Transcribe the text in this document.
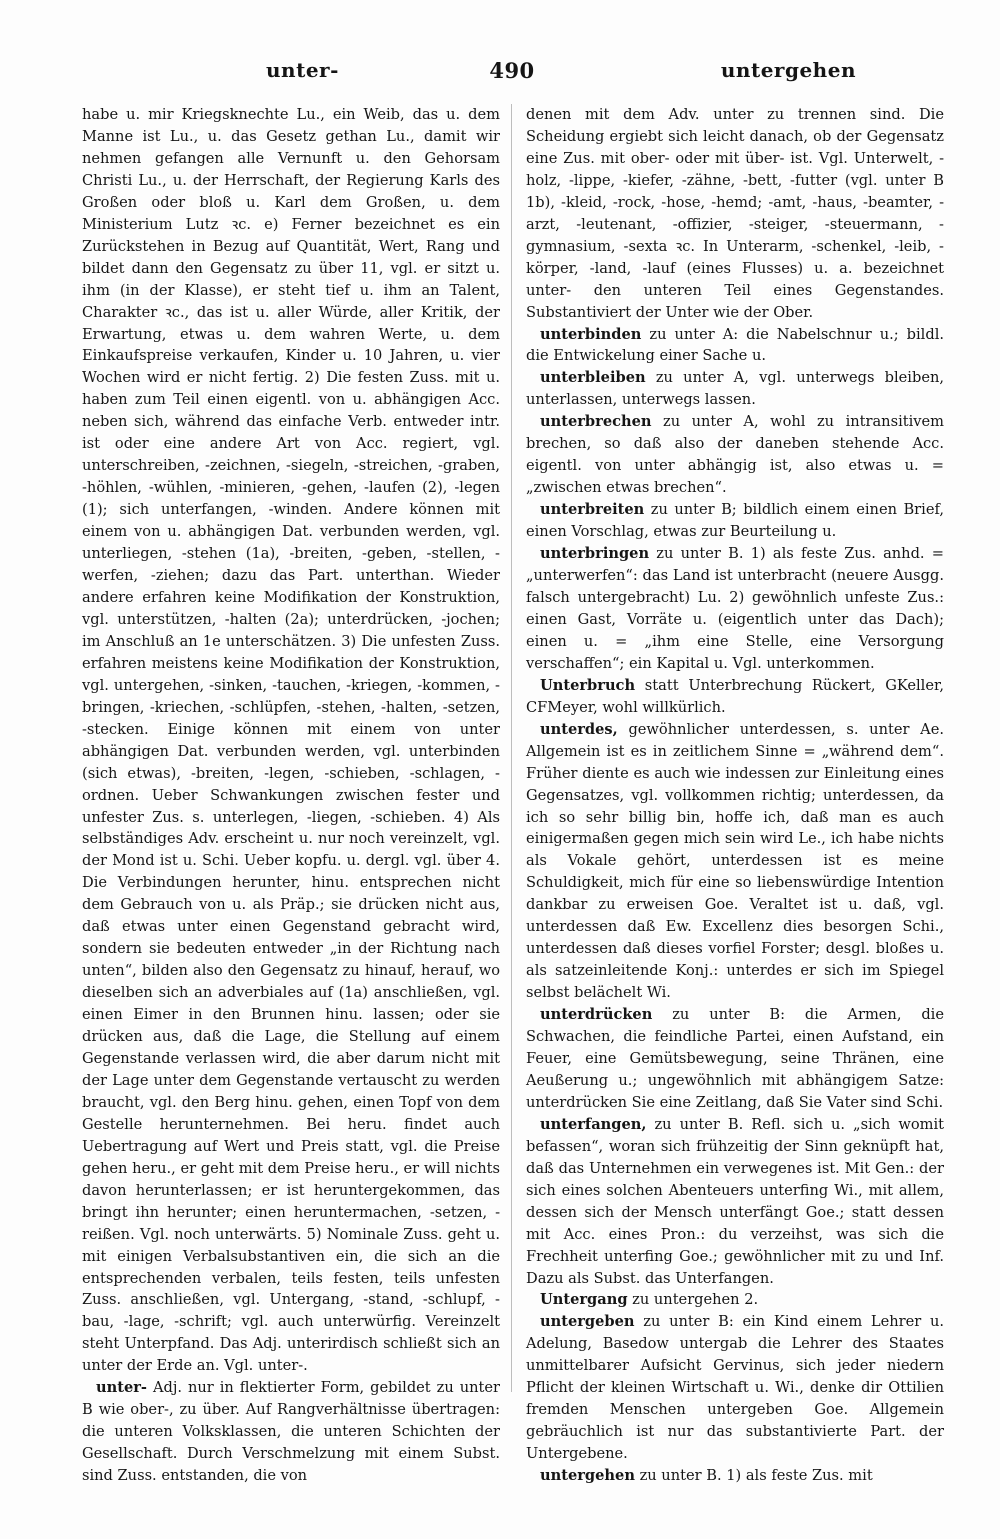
490
unter-	untergehen

habe u. mir Kriegsknechte Lu., ein Weib, das u. dem Manne ist Lu., u. das Gesetz gethan Lu., damit wir nehmen gefangen alle Vernunft u. den Gehorsam Christi Lu., u. der Herrschaft, der Regierung Karls des Großen oder bloß u. Karl dem Großen, u. dem Ministerium Lutz ꝛc. e) Ferner bezeichnet es ein Zurückstehen in Bezug auf Quantität, Wert, Rang und bildet dann den Gegensatz zu über 11, vgl. er sitzt u. ihm (in der Klasse), er steht tief u. ihm an Talent, Charakter ꝛc., das ist u. aller Würde, aller Kritik, der Erwartung, etwas u. dem wahren Werte, u. dem Einkaufspreise verkaufen, Kinder u. 10 Jahren, u. vier Wochen wird er nicht fertig. 2) Die festen Zuss. mit u. haben zum Teil einen eigentl. von u. abhängigen Acc. neben sich, während das einfache Verb. entweder intr. ist oder eine andere Art von Acc. regiert, vgl. unterschreiben, -zeichnen, -siegeln, -streichen, -graben, -höhlen, -wühlen, -minieren, -gehen, -laufen (2), -legen (1); sich unterfangen, -winden. Andere können mit einem von u. abhängigen Dat. verbunden werden, vgl. unterliegen, -stehen (1a), -breiten, -geben, -stellen, -werfen, -ziehen; dazu das Part. unterthan. Wieder andere erfahren keine Modifikation der Konstruktion, vgl. unterstützen, -halten (2a); unterdrücken, -jochen; im Anschluß an 1e unterschätzen. 3) Die unfesten Zuss. erfahren meistens keine Modifikation der Konstruktion, vgl. untergehen, -sinken, -tauchen, -kriegen, -kommen, -bringen, -kriechen, -schlüpfen, -stehen, -halten, -setzen, -stecken. Einige können mit einem von unter abhängigen Dat. verbunden werden, vgl. unterbinden (sich etwas), -breiten, -legen, -schieben, -schlagen, -ordnen. Ueber Schwankungen zwischen fester und unfester Zus. s. unterlegen, -liegen, -schieben. 4) Als selbständiges Adv. erscheint u. nur noch vereinzelt, vgl. der Mond ist u. Schi. Ueber kopfu. u. dergl. vgl. über 4. Die Verbindungen herunter, hinu. entsprechen nicht dem Gebrauch von u. als Präp.; sie drücken nicht aus, daß etwas unter einen Gegenstand gebracht wird, sondern sie bedeuten entweder „in der Richtung nach unten“, bilden also den Gegensatz zu hinauf, herauf, wo dieselben sich an adverbiales auf (1a) anschließen, vgl. einen Eimer in den Brunnen hinu. lassen; oder sie drücken aus, daß die Lage, die Stellung auf einem Gegenstande verlassen wird, die aber darum nicht mit der Lage unter dem Gegenstande vertauscht zu werden braucht, vgl. den Berg hinu. gehen, einen Topf von dem Gestelle herunternehmen. Bei heru. findet auch Uebertragung auf Wert und Preis statt, vgl. die Preise gehen heru., er geht mit dem Preise heru., er will nichts davon herunterlassen; er ist heruntergekommen, das bringt ihn herunter; einen heruntermachen, -setzen, -reißen. Vgl. noch unterwärts. 5) Nominale Zuss. geht u. mit einigen Verbalsubstantiven ein, die sich an die entsprechenden verbalen, teils festen, teils unfesten Zuss. anschließen, vgl. Untergang, -stand, -schlupf, -bau, -lage, -schrift; vgl. auch unterwürfig. Vereinzelt steht Unterpfand. Das Adj. unterirdisch schließt sich an unter der Erde an. Vgl. unter-.

unter- Adj. nur in flektierter Form, gebildet zu unter B wie ober-, zu über. Auf Rangverhältnisse übertragen: die unteren Volksklassen, die unteren Schichten der Gesellschaft. Durch Verschmelzung mit einem Subst. sind Zuss. entstanden, die von

denen mit dem Adv. unter zu trennen sind. Die Scheidung ergiebt sich leicht danach, ob der Gegensatz eine Zus. mit ober- oder mit über- ist. Vgl. Unterwelt, -holz, -lippe, -kiefer, -zähne, -bett, -futter (vgl. unter B 1b), -kleid, -rock, -hose, -hemd; -amt, -haus, -beamter, -arzt, -leutenant, -offizier, -steiger, -steuermann, -gymnasium, -sexta ꝛc. In Unterarm, -schenkel, -leib, -körper, -land, -lauf (eines Flusses) u. a. bezeichnet unter- den unteren Teil eines Gegenstandes. Substantiviert der Unter wie der Ober.

unterbinden zu unter A: die Nabelschnur u.; bildl. die Entwickelung einer Sache u.

unterbleiben zu unter A, vgl. unterwegs bleiben, unterlassen, unterwegs lassen.

unterbrechen zu unter A, wohl zu intransitivem brechen, so daß also der daneben stehende Acc. eigentl. von unter abhängig ist, also etwas u. = „zwischen etwas brechen“.

unterbreiten zu unter B; bildlich einem einen Brief, einen Vorschlag, etwas zur Beurteilung u.

unterbringen zu unter B. 1) als feste Zus. anhd. = „unterwerfen“: das Land ist unterbracht (neuere Ausgg. falsch untergebracht) Lu. 2) gewöhnlich unfeste Zus.: einen Gast, Vorräte u. (eigentlich unter das Dach); einen u. = „ihm eine Stelle, eine Versorgung verschaffen“; ein Kapital u. Vgl. unterkommen.

Unterbruch statt Unterbrechung Rückert, GKeller, CFMeyer, wohl willkürlich.

unterdes, gewöhnlicher unterdessen, s. unter Ae. Allgemein ist es in zeitlichem Sinne = „während dem“. Früher diente es auch wie indessen zur Einleitung eines Gegensatzes, vgl. vollkommen richtig; unterdessen, da ich so sehr billig bin, hoffe ich, daß man es auch einigermaßen gegen mich sein wird Le., ich habe nichts als Vokale gehört, unterdessen ist es meine Schuldigkeit, mich für eine so liebenswürdige Intention dankbar zu erweisen Goe. Veraltet ist u. daß, vgl. unterdessen daß Ew. Excellenz dies besorgen Schi., unterdessen daß dieses vorfiel Forster; desgl. bloßes u. als satzeinleitende Konj.: unterdes er sich im Spiegel selbst belächelt Wi.

unterdrücken zu unter B: die Armen, die Schwachen, die feindliche Partei, einen Aufstand, ein Feuer, eine Gemütsbewegung, seine Thränen, eine Aeußerung u.; ungewöhnlich mit abhängigem Satze: unterdrücken Sie eine Zeitlang, daß Sie Vater sind Schi.

unterfangen, zu unter B. Refl. sich u. „sich womit befassen“, woran sich frühzeitig der Sinn geknüpft hat, daß das Unternehmen ein verwegenes ist. Mit Gen.: der sich eines solchen Abenteuers unterfing Wi., mit allem, dessen sich der Mensch unterfängt Goe.; statt dessen mit Acc. eines Pron.: du verzeihst, was sich die Frechheit unterfing Goe.; gewöhnlicher mit zu und Inf. Dazu als Subst. das Unterfangen.

Untergang zu untergehen 2.

untergeben zu unter B: ein Kind einem Lehrer u. Adelung, Basedow untergab die Lehrer des Staates unmittelbarer Aufsicht Gervinus, sich jeder niedern Pflicht der kleinen Wirtschaft u. Wi., denke dir Ottilien fremden Menschen untergeben Goe. Allgemein gebräuchlich ist nur das substantivierte Part. der Untergebene.

untergehen zu unter B. 1) als feste Zus. mit
